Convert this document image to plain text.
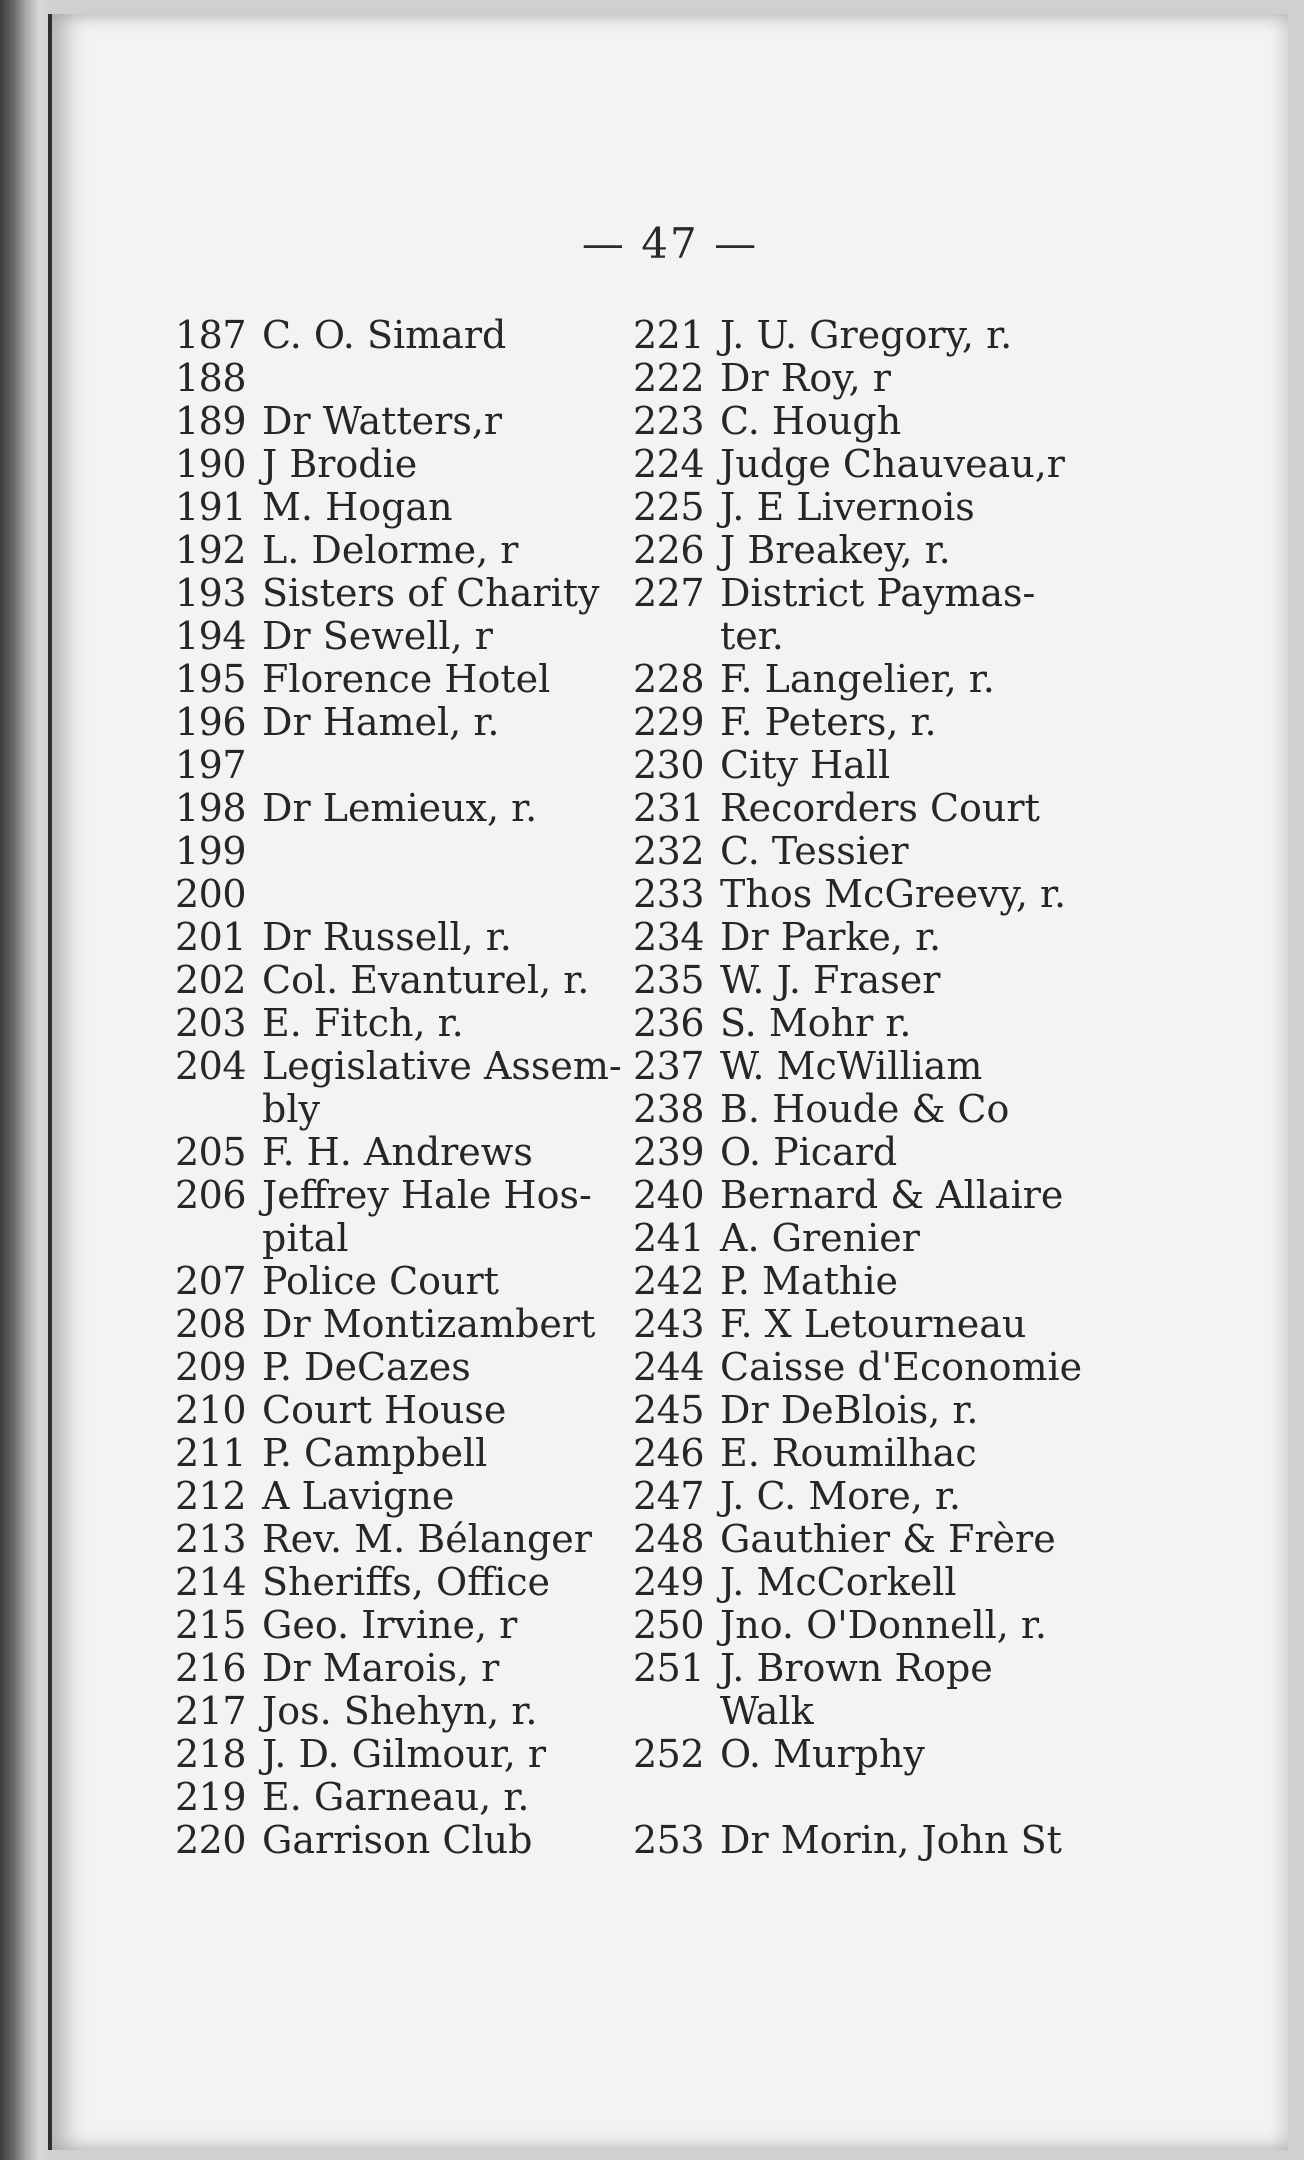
— 47 —
187 C. O. Simard
188
189 Dr Watters,r
190 J Brodie
191 M. Hogan
192 L. Delorme, r
193 Sisters of Charity
194 Dr Sewell, r
195 Florence Hotel
196 Dr Hamel, r.
197
198 Dr Lemieux, r.
199
200
201 Dr Russell, r.
202 Col. Evanturel, r.
203 E. Fitch, r.
204 Legislative Assem-
bly
205 F. H. Andrews
206 Jeffrey Hale Hos-
pital
207 Police Court
208 Dr Montizambert
209 P. DeCazes
210 Court House
211 P. Campbell
212 A Lavigne
213 Rev. M. Bélanger
214 Sheriffs, Office
215 Geo. Irvine, r
216 Dr Marois, r
217 Jos. Shehyn, r.
218 J. D. Gilmour, r
219 E. Garneau, r.
220 Garrison Club
221 J. U. Gregory, r.
222 Dr Roy, r
223 C. Hough
224 Judge Chauveau,r
225 J. E Livernois
226 J Breakey, r.
227 District Paymas-
ter.
228 F. Langelier, r.
229 F. Peters, r.
230 City Hall
231 Recorders Court
232 C. Tessier
233 Thos McGreevy, r.
234 Dr Parke, r.
235 W. J. Fraser
236 S. Mohr r.
237 W. McWilliam
238 B. Houde & Co
239 O. Picard
240 Bernard & Allaire
241 A. Grenier
242 P. Mathie
243 F. X Letourneau
244 Caisse d'Economie
245 Dr DeBlois, r.
246 E. Roumilhac
247 J. C. More, r.
248 Gauthier & Frère
249 J. McCorkell
250 Jno. O'Donnell, r.
251 J. Brown Rope
Walk
252 O. Murphy
253 Dr Morin, John St
